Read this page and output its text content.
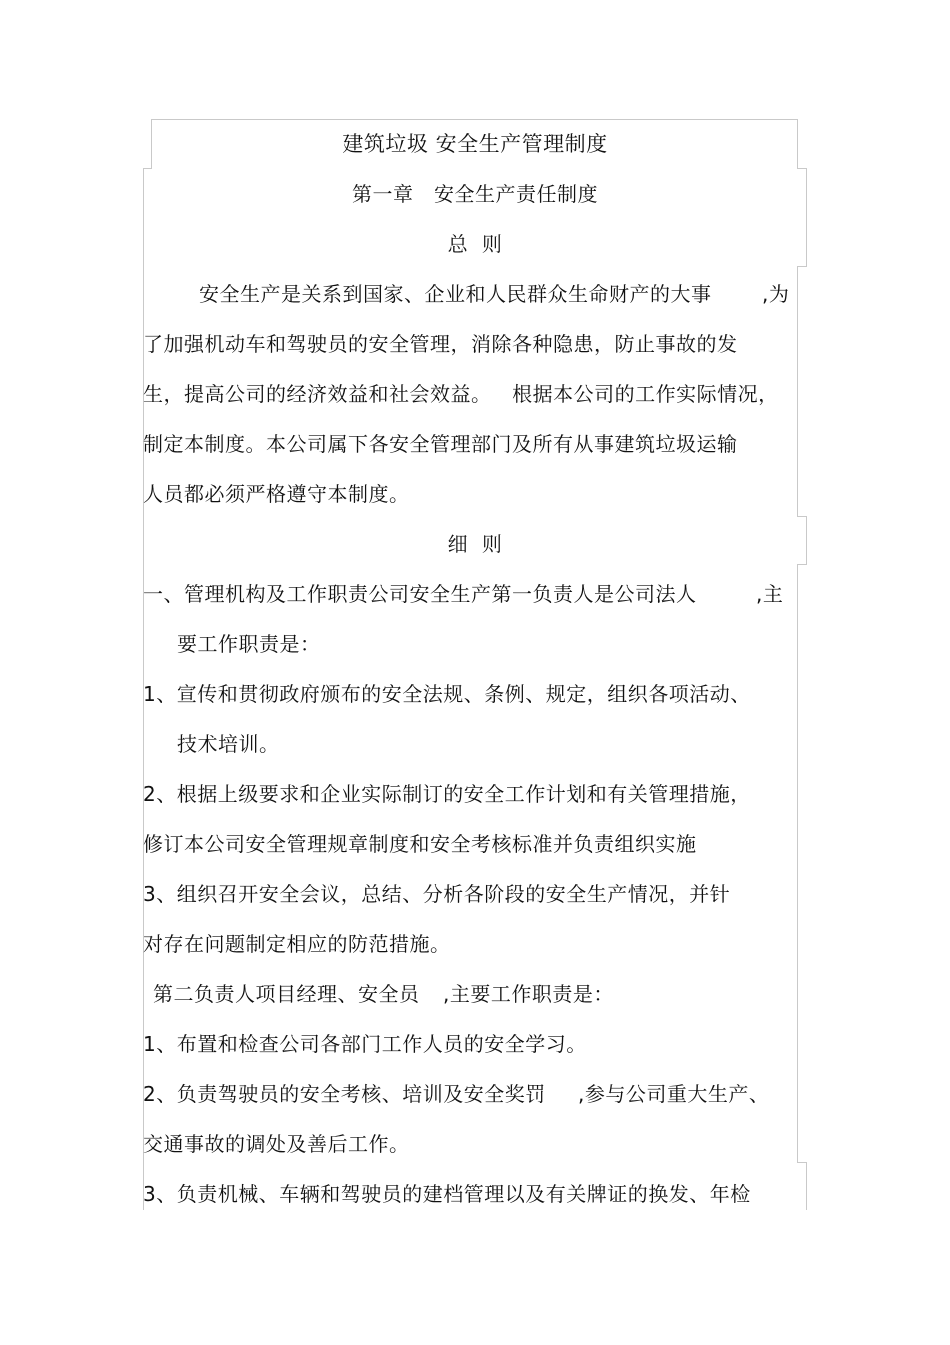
建筑垃圾 安全生产管理制度
第一章   安全生产责任制度
总  则
安全生产是关系到国家、企业和人民群众生命财产的大事	,为
了加强机动车和驾驶员的安全管理，消除各种隐患，防止事故的发
生，提高公司的经济效益和社会效益。   根据本公司的工作实际情况，
制定本制度。本公司属下各安全管理部门及所有从事建筑垃圾运输
人员都必须严格遵守本制度。
细  则
一、管理机构及工作职责公司安全生产第一负责人是公司法人	,主
要工作职责是：
1、宣传和贯彻政府颁布的安全法规、条例、规定，组织各项活动、
技术培训。
2、根据上级要求和企业实际制订的安全工作计划和有关管理措施，
修订本公司安全管理规章制度和安全考核标准并负责组织实施
3、组织召开安全会议，总结、分析各阶段的安全生产情况，并针
对存在问题制定相应的防范措施。
第二负责人项目经理、安全员 ,主要工作职责是：
1、布置和检查公司各部门工作人员的安全学习。
2、负责驾驶员的安全考核、培训及安全奖罚 ,参与公司重大生产、
交通事故的调处及善后工作。
3、负责机械、车辆和驾驶员的建档管理以及有关牌证的换发、年检
